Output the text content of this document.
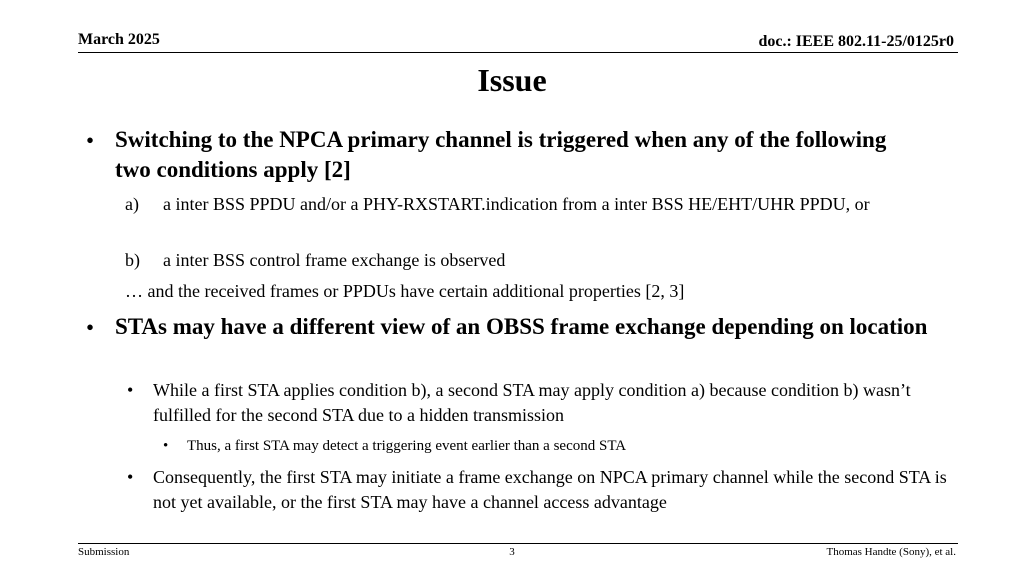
March 2025	doc.: IEEE 802.11-25/0125r0
Issue
• Switching to the NPCA primary channel is triggered when any of the following two conditions apply [2]
a) a inter BSS PPDU and/or a PHY-RXSTART.indication from a inter BSS HE/EHT/UHR PPDU, or
b) a inter BSS control frame exchange is observed
… and the received frames or PPDUs have certain additional properties [2, 3]
• STAs may have a different view of an OBSS frame exchange depending on location
• While a first STA applies condition b), a second STA may apply condition a) because condition b) wasn’t fulfilled for the second STA due to a hidden transmission
• Thus, a first STA may detect a triggering event earlier than a second STA
• Consequently, the first STA may initiate a frame exchange on NPCA primary channel while the second STA is not yet available, or the first STA may have a channel access advantage
Submission	3	Thomas Handte (Sony), et al.
